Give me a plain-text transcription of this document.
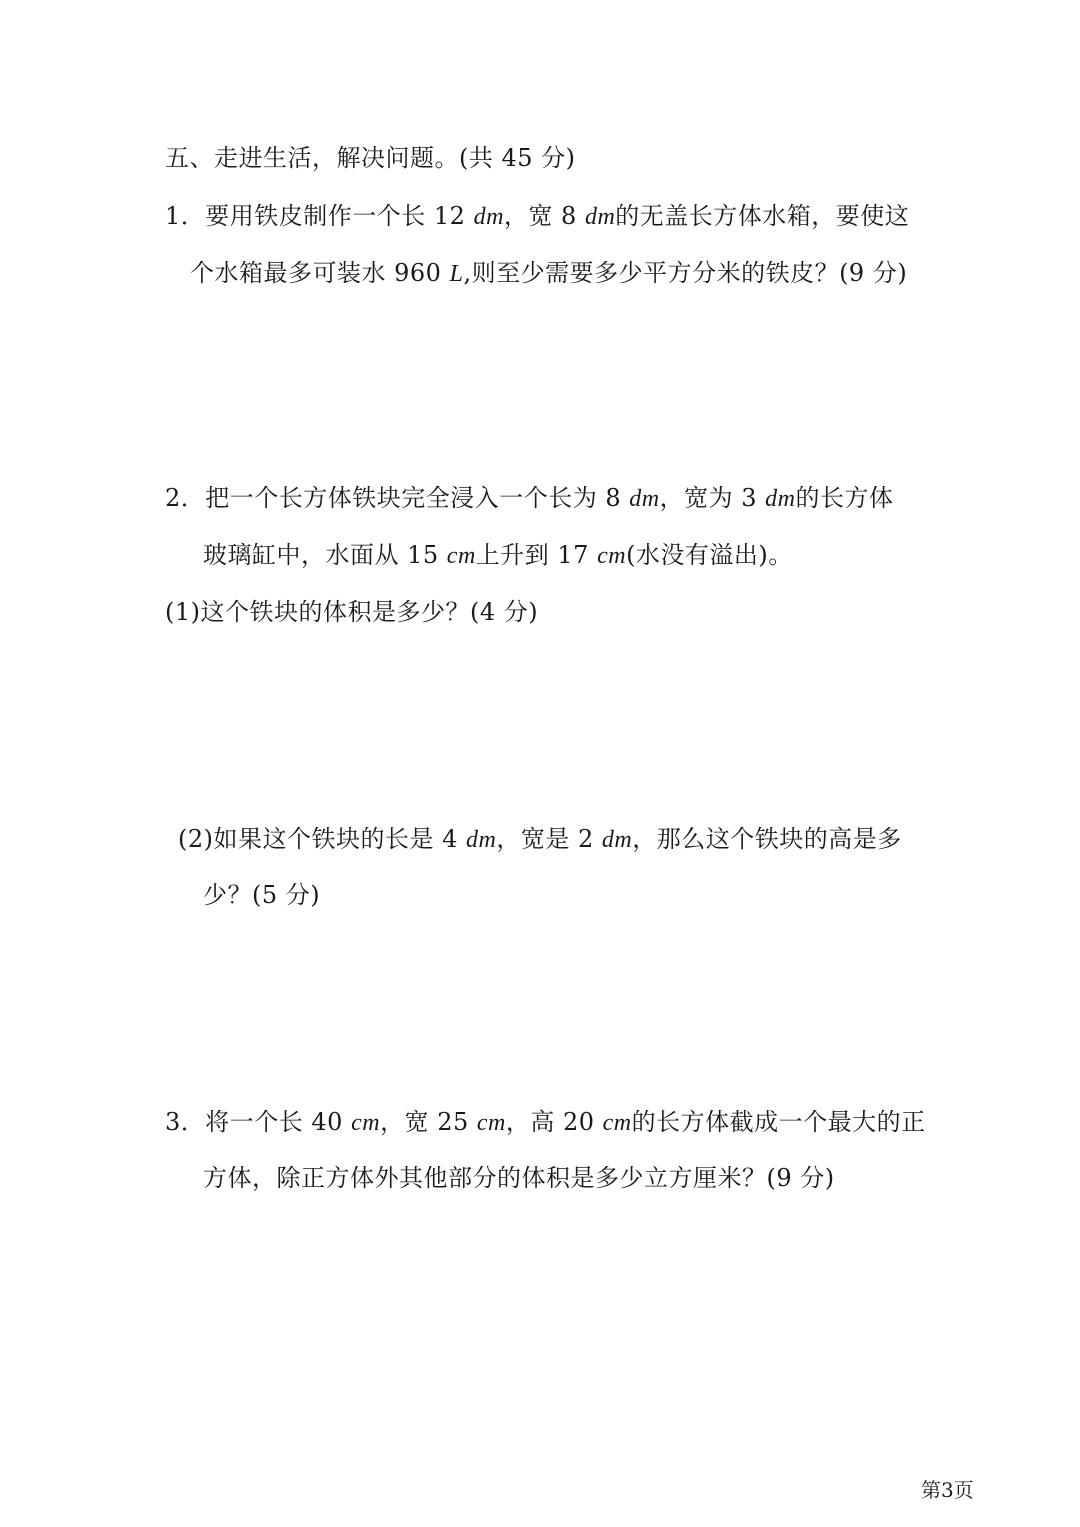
五、走进生活，解决问题。(共 45 分)
1．要用铁皮制作一个长 12 dm，宽 8 dm的无盖长方体水箱，要使这
个水箱最多可装水 960 L,则至少需要多少平方分米的铁皮？(9 分)
2．把一个长方体铁块完全浸入一个长为 8 dm，宽为 3 dm的长方体
玻璃缸中，水面从 15 cm上升到 17 cm(水没有溢出)。
(1)这个铁块的体积是多少？(4 分)
(2)如果这个铁块的长是 4 dm，宽是 2 dm，那么这个铁块的高是多
少？(5 分)
3．将一个长 40 cm，宽 25 cm，高 20 cm的长方体截成一个最大的正
方体，除正方体外其他部分的体积是多少立方厘米？(9 分)
第3页
